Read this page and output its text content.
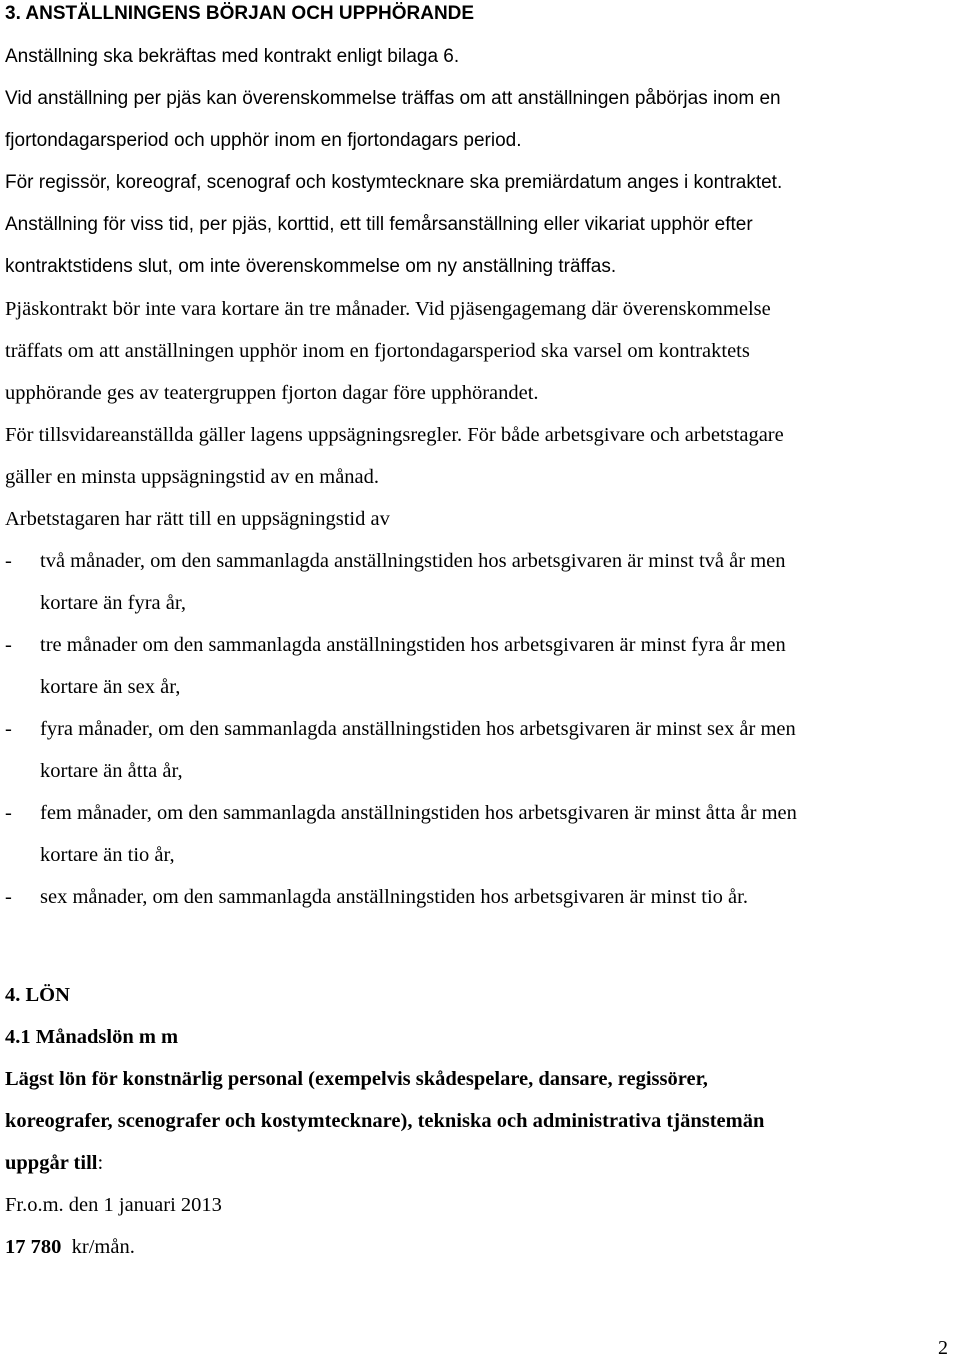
3. ANSTÄLLNINGENS BÖRJAN OCH UPPHÖRANDE
Anställning ska bekräftas med kontrakt enligt bilaga 6.
Vid anställning per pjäs kan överenskommelse träffas om att anställningen påbörjas inom en
fjortondagarsperiod och upphör inom en fjortondagars period.
För regissör, koreograf, scenograf och kostymtecknare ska premiärdatum anges i kontraktet.
Anställning för viss tid, per pjäs, korttid, ett till femårsanställning eller vikariat upphör efter
kontraktstidens slut, om inte överenskommelse om ny anställning träffas.
Pjäskontrakt bör inte vara kortare än tre månader. Vid pjäsengagemang där överenskommelse
träffats om att anställningen upphör inom en fjortondagarsperiod ska varsel om kontraktets
upphörande ges av teatergruppen fjorton dagar före upphörandet.
För tillsvidareanställda gäller lagens uppsägningsregler. För både arbetsgivare och arbetstagare
gäller en minsta uppsägningstid av en månad.
Arbetstagaren har rätt till en uppsägningstid av
- två månader, om den sammanlagda anställningstiden hos arbetsgivaren är minst två år men
kortare än fyra år,
- tre månader om den sammanlagda anställningstiden hos arbetsgivaren är minst fyra år men
kortare än sex år,
- fyra månader, om den sammanlagda anställningstiden hos arbetsgivaren är minst sex år men
kortare än åtta år,
- fem månader, om den sammanlagda anställningstiden hos arbetsgivaren är minst åtta år men
kortare än tio år,
- sex månader, om den sammanlagda anställningstiden hos arbetsgivaren är minst tio år.
4. LÖN
4.1 Månadslön m m
Lägst lön för konstnärlig personal (exempelvis skådespelare, dansare, regissörer,
koreografer, scenografer och kostymtecknare), tekniska och administrativa tjänstemän
uppgår till:
Fr.o.m. den 1 januari 2013
17 780 kr/mån.
2
